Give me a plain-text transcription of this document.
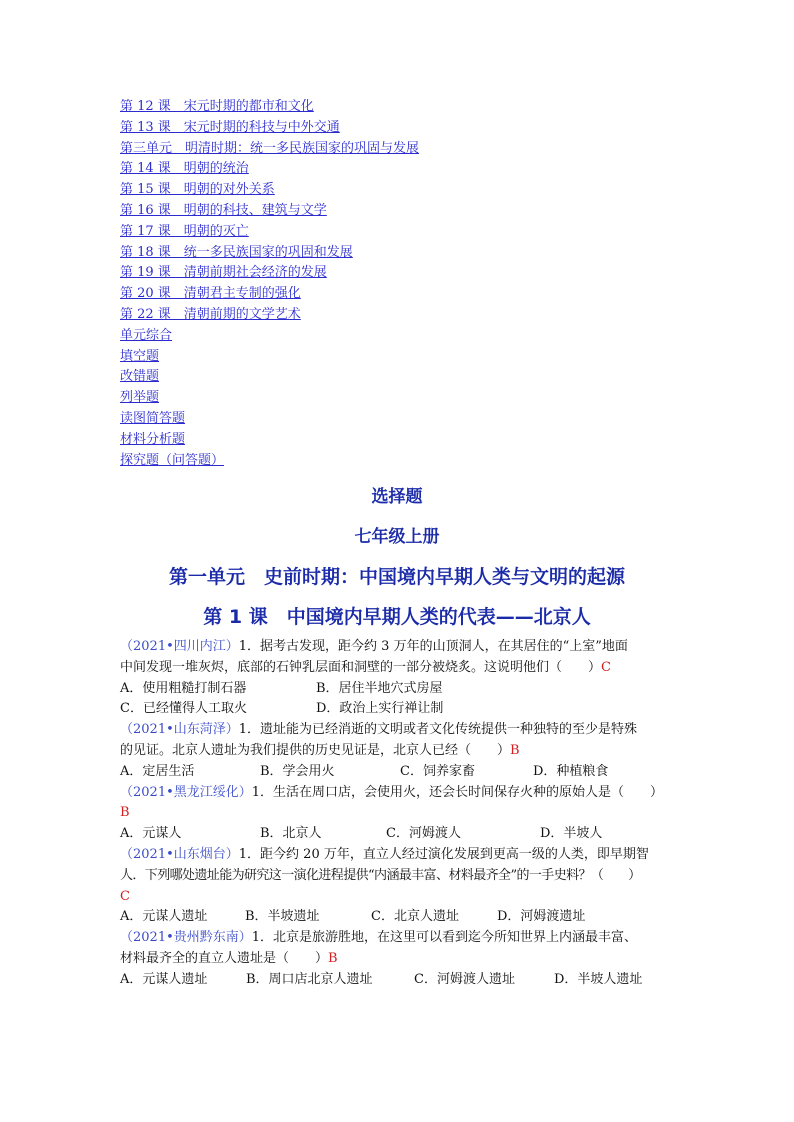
第 12 课　宋元时期的都市和文化
第 13 课　宋元时期的科技与中外交通
第三单元　明清时期：统一多民族国家的巩固与发展
第 14 课　明朝的统治
第 15 课　明朝的对外关系
第 16 课　明朝的科技、建筑与文学
第 17 课　明朝的灭亡
第 18 课　统一多民族国家的巩固和发展
第 19 课　清朝前期社会经济的发展
第 20 课　清朝君主专制的强化
第 22 课　清朝前期的文学艺术
单元综合
填空题
改错题
列举题
读图简答题
材料分析题
探究题（问答题）
选择题
七年级上册
第一单元　史前时期：中国境内早期人类与文明的起源
第 1 课　中国境内早期人类的代表——北京人
（2021•四川内江）1．据考古发现，距今约 3 万年的山顶洞人，在其居住的“上室”地面
中间发现一堆灰烬，底部的石钟乳层面和洞壁的一部分被烧炙。这说明他们（　　）C
A．使用粗糙打制石器	B．居住半地穴式房屋
C．已经懂得人工取火	D．政治上实行禅让制
（2021•山东菏泽）1．遗址能为已经消逝的文明或者文化传统提供一种独特的至少是特殊
的见证。北京人遗址为我们提供的历史见证是，北京人已经（　　）B
A．定居生活	B．学会用火	C．饲养家畜	D．种植粮食
（2021•黑龙江绥化）1．生活在周口店，会使用火，还会长时间保存火种的原始人是（　　）
B
A．元谋人	B．北京人	C．河姆渡人	D．半坡人
（2021•山东烟台）1．距今约 20 万年，直立人经过演化发展到更高一级的人类，即早期智
人．下列哪处遗址能为研究这一演化进程提供“内涵最丰富、材料最齐全”的一手史料？（　　）
C
A．元谋人遗址	B．半坡遗址	C．北京人遗址	D．河姆渡遗址
（2021•贵州黔东南）1．北京是旅游胜地，在这里可以看到迄今所知世界上内涵最丰富、
材料最齐全的直立人遗址是（　　）B
A．元谋人遗址	B．周口店北京人遗址	C．河姆渡人遗址	D．半坡人遗址
